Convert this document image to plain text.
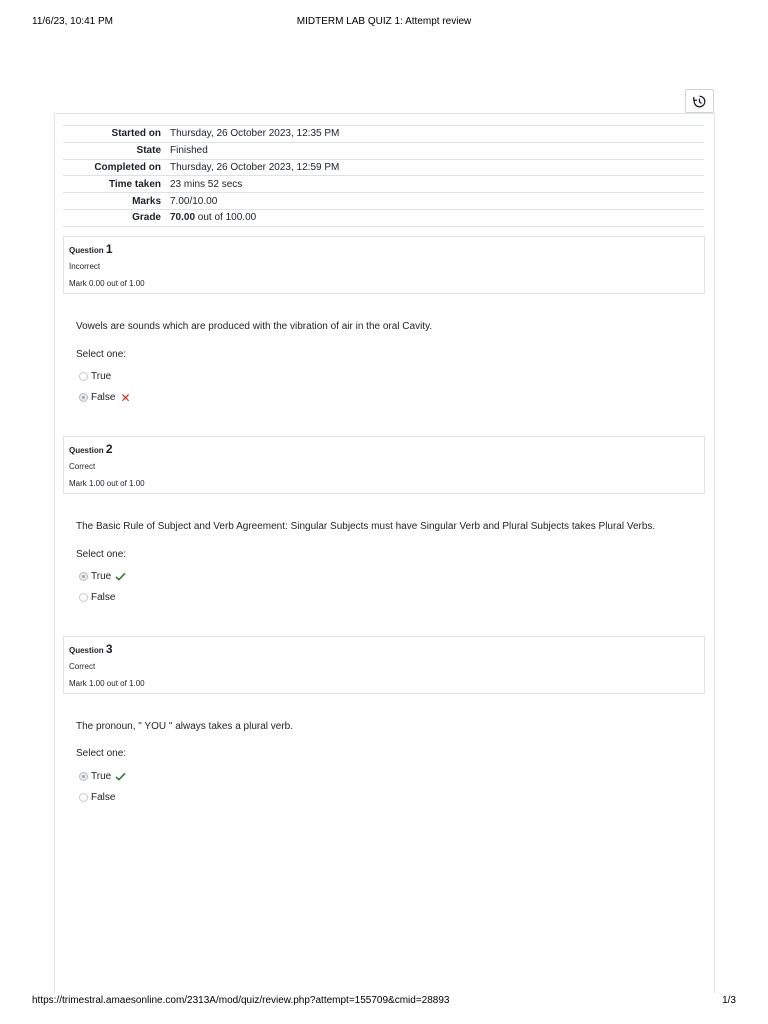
11/6/23, 10:41 PM	MIDTERM LAB QUIZ 1: Attempt review
Started on	Thursday, 26 October 2023, 12:35 PM
State	Finished
Completed on	Thursday, 26 October 2023, 12:59 PM
Time taken	23 mins 52 secs
Marks	7.00/10.00
Grade	70.00 out of 100.00
Question 1
Incorrect
Mark 0.00 out of 1.00
Vowels are sounds which are produced with the vibration of air in the oral Cavity.
Select one:
True
False ✕
Question 2
Correct
Mark 1.00 out of 1.00
The Basic Rule of Subject and Verb Agreement: Singular Subjects must have Singular Verb and Plural Subjects takes Plural Verbs.
Select one:
True
False
Question 3
Correct
Mark 1.00 out of 1.00
The pronoun, " YOU " always takes a plural verb.
Select one:
True
False
https://trimestral.amaesonline.com/2313A/mod/quiz/review.php?attempt=155709&cmid=28893	1/3
